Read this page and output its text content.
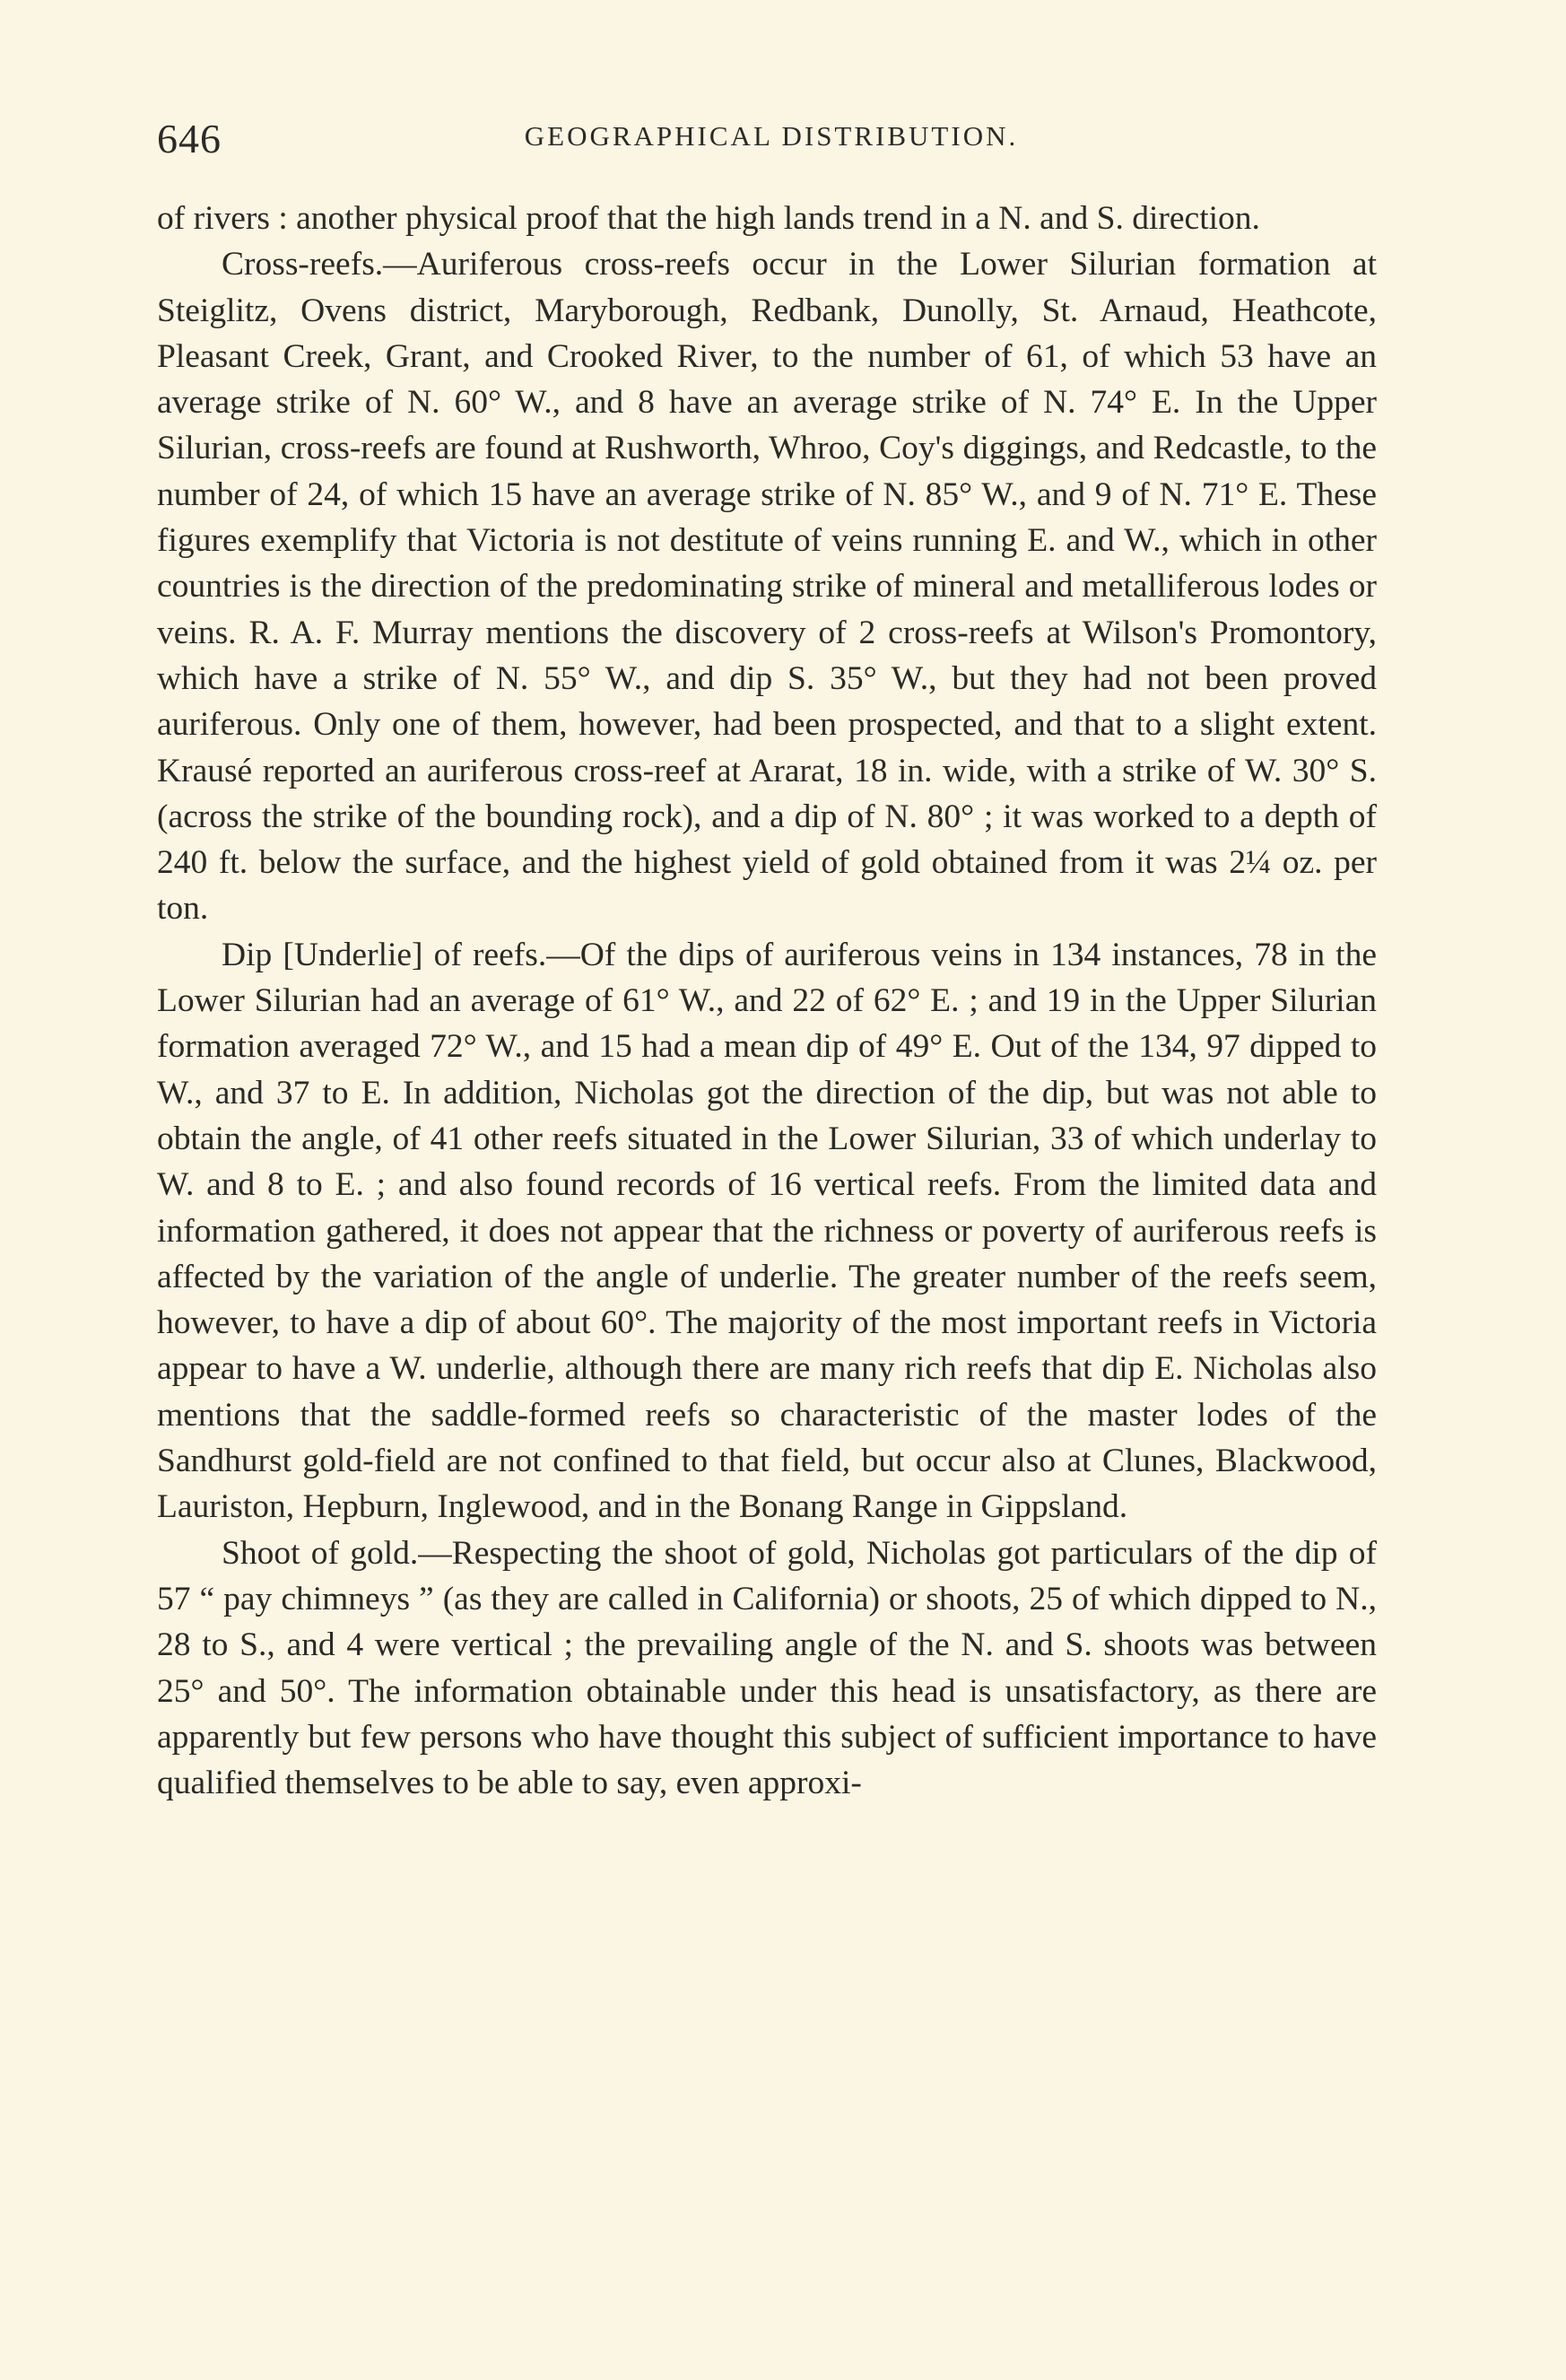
646	GEOGRAPHICAL DISTRIBUTION.

of rivers : another physical proof that the high lands trend in a N. and S. direction.

Cross-reefs.—Auriferous cross-reefs occur in the Lower Silurian formation at Steiglitz, Ovens district, Maryborough, Redbank, Dunolly, St. Arnaud, Heathcote, Pleasant Creek, Grant, and Crooked River, to the number of 61, of which 53 have an average strike of N. 60° W., and 8 have an average strike of N. 74° E. In the Upper Silurian, cross-reefs are found at Rushworth, Whroo, Coy's diggings, and Redcastle, to the number of 24, of which 15 have an average strike of N. 85° W., and 9 of N. 71° E. These figures exemplify that Victoria is not destitute of veins running E. and W., which in other countries is the direction of the predominating strike of mineral and metalliferous lodes or veins. R. A. F. Murray mentions the discovery of 2 cross-reefs at Wilson's Promontory, which have a strike of N. 55° W., and dip S. 35° W., but they had not been proved auriferous. Only one of them, however, had been prospected, and that to a slight extent. Krausé reported an auriferous cross-reef at Ararat, 18 in. wide, with a strike of W. 30° S. (across the strike of the bounding rock), and a dip of N. 80° ; it was worked to a depth of 240 ft. below the surface, and the highest yield of gold obtained from it was 2¼ oz. per ton.

Dip [Underlie] of reefs.—Of the dips of auriferous veins in 134 instances, 78 in the Lower Silurian had an average of 61° W., and 22 of 62° E. ; and 19 in the Upper Silurian formation averaged 72° W., and 15 had a mean dip of 49° E. Out of the 134, 97 dipped to W., and 37 to E. In addition, Nicholas got the direction of the dip, but was not able to obtain the angle, of 41 other reefs situated in the Lower Silurian, 33 of which underlay to W. and 8 to E. ; and also found records of 16 vertical reefs. From the limited data and information gathered, it does not appear that the richness or poverty of auriferous reefs is affected by the variation of the angle of underlie. The greater number of the reefs seem, however, to have a dip of about 60°. The majority of the most important reefs in Victoria appear to have a W. underlie, although there are many rich reefs that dip E. Nicholas also mentions that the saddle-formed reefs so characteristic of the master lodes of the Sandhurst gold-field are not confined to that field, but occur also at Clunes, Blackwood, Lauriston, Hepburn, Inglewood, and in the Bonang Range in Gippsland.

Shoot of gold.—Respecting the shoot of gold, Nicholas got particulars of the dip of 57 “ pay chimneys ” (as they are called in California) or shoots, 25 of which dipped to N., 28 to S., and 4 were vertical ; the prevailing angle of the N. and S. shoots was between 25° and 50°. The information obtainable under this head is unsatisfactory, as there are apparently but few persons who have thought this subject of sufficient importance to have qualified themselves to be able to say, even approxi-
